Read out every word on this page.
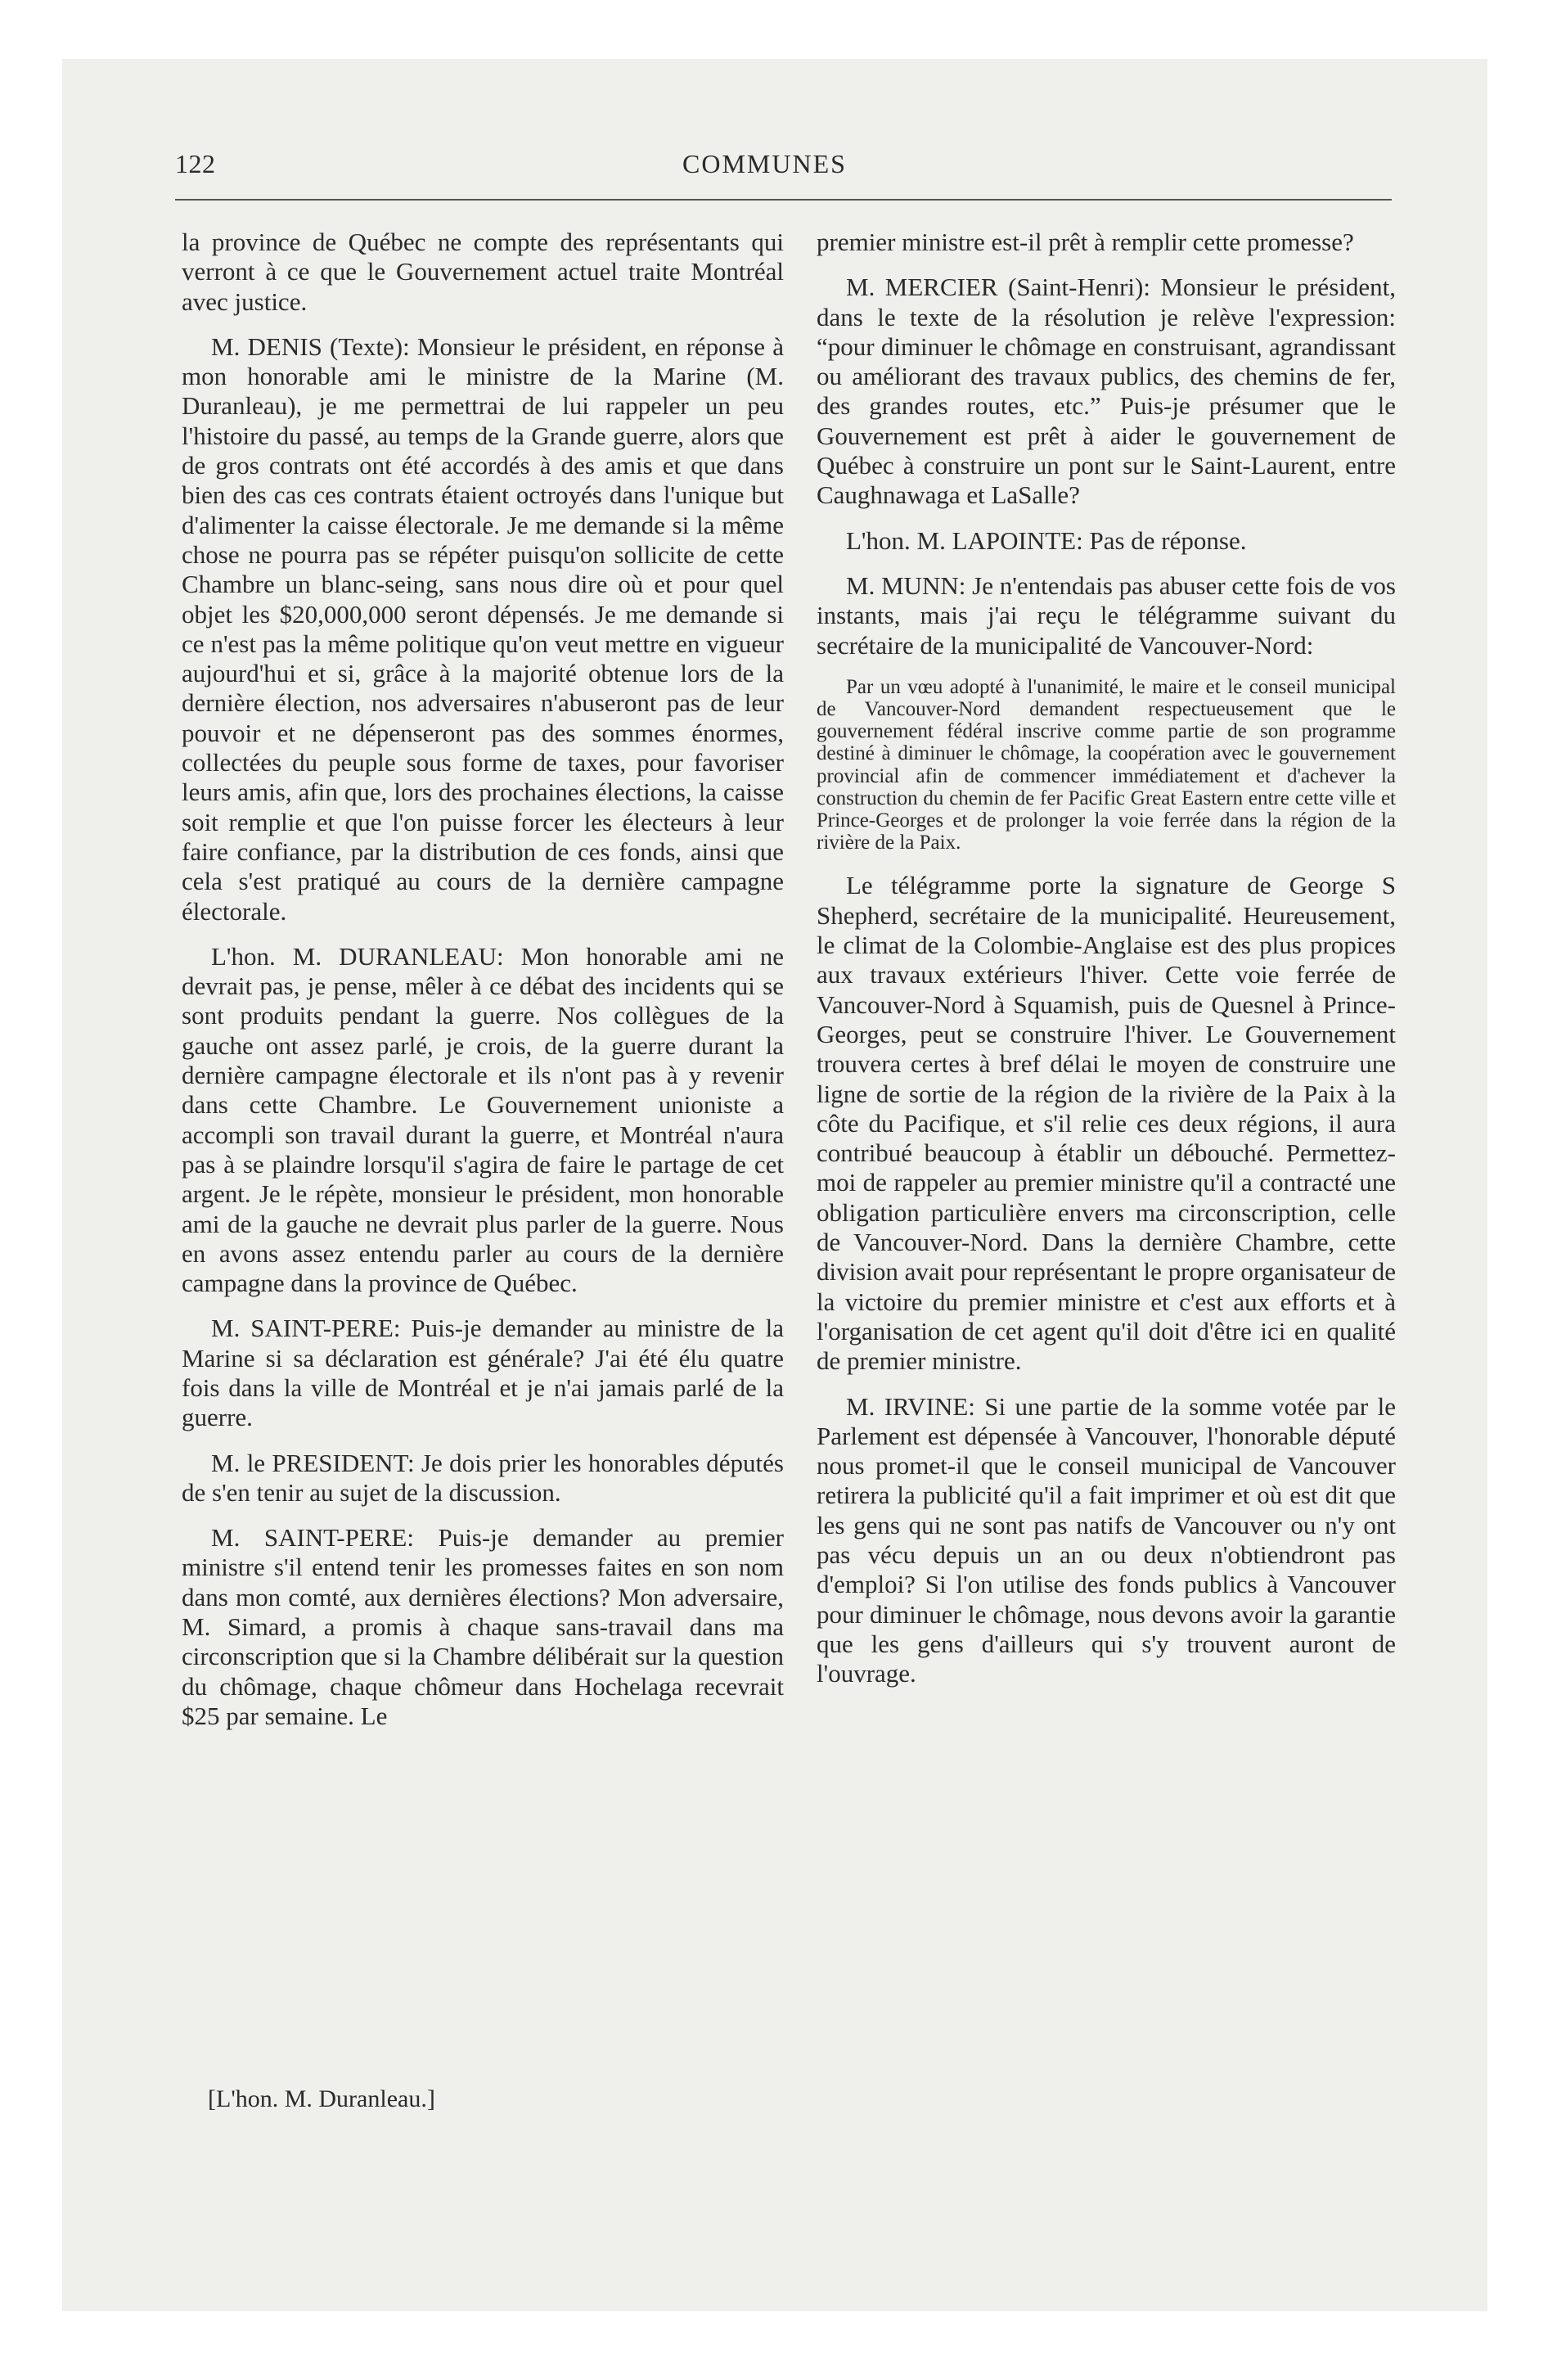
122	COMMUNES

la province de Québec ne compte des représentants qui verront à ce que le Gouvernement actuel traite Montréal avec justice.

M. DENIS (Texte): Monsieur le président, en réponse à mon honorable ami le ministre de la Marine (M. Duranleau), je me permettrai de lui rappeler un peu l'histoire du passé, au temps de la Grande guerre, alors que de gros contrats ont été accordés à des amis et que dans bien des cas ces contrats étaient octroyés dans l'unique but d'alimenter la caisse électorale. Je me demande si la même chose ne pourra pas se répéter puisqu'on sollicite de cette Chambre un blanc-seing, sans nous dire où et pour quel objet les $20,000,000 seront dépensés. Je me demande si ce n'est pas la même politique qu'on veut mettre en vigueur aujourd'hui et si, grâce à la majorité obtenue lors de la dernière élection, nos adversaires n'abuseront pas de leur pouvoir et ne dépenseront pas des sommes énormes, collectées du peuple sous forme de taxes, pour favoriser leurs amis, afin que, lors des prochaines élections, la caisse soit remplie et que l'on puisse forcer les électeurs à leur faire confiance, par la distribution de ces fonds, ainsi que cela s'est pratiqué au cours de la dernière campagne électorale.

L'hon. M. DURANLEAU: Mon honorable ami ne devrait pas, je pense, mêler à ce débat des incidents qui se sont produits pendant la guerre. Nos collègues de la gauche ont assez parlé, je crois, de la guerre durant la dernière campagne électorale et ils n'ont pas à y revenir dans cette Chambre. Le Gouvernement unioniste a accompli son travail durant la guerre, et Montréal n'aura pas à se plaindre lorsqu'il s'agira de faire le partage de cet argent. Je le répète, monsieur le président, mon honorable ami de la gauche ne devrait plus parler de la guerre. Nous en avons assez entendu parler au cours de la dernière campagne dans la province de Québec.

M. SAINT-PERE: Puis-je demander au ministre de la Marine si sa déclaration est générale? J'ai été élu quatre fois dans la ville de Montréal et je n'ai jamais parlé de la guerre.

M. le PRESIDENT: Je dois prier les honorables députés de s'en tenir au sujet de la discussion.

M. SAINT-PERE: Puis-je demander au premier ministre s'il entend tenir les promesses faites en son nom dans mon comté, aux dernières élections? Mon adversaire, M. Simard, a promis à chaque sans-travail dans ma circonscription que si la Chambre délibérait sur la question du chômage, chaque chômeur dans Hochelaga recevrait $25 par semaine. Le

[L'hon. M. Duranleau.]

premier ministre est-il prêt à remplir cette promesse?

M. MERCIER (Saint-Henri): Monsieur le président, dans le texte de la résolution je relève l'expression: “pour diminuer le chômage en construisant, agrandissant ou améliorant des travaux publics, des chemins de fer, des grandes routes, etc.” Puis-je présumer que le Gouvernement est prêt à aider le gouvernement de Québec à construire un pont sur le Saint-Laurent, entre Caughnawaga et LaSalle?

L'hon. M. LAPOINTE: Pas de réponse.

M. MUNN: Je n'entendais pas abuser cette fois de vos instants, mais j'ai reçu le télégramme suivant du secrétaire de la municipalité de Vancouver-Nord:

Par un vœu adopté à l'unanimité, le maire et le conseil municipal de Vancouver-Nord demandent respectueusement que le gouvernement fédéral inscrive comme partie de son programme destiné à diminuer le chômage, la coopération avec le gouvernement provincial afin de commencer immédiatement et d'achever la construction du chemin de fer Pacific Great Eastern entre cette ville et Prince-Georges et de prolonger la voie ferrée dans la région de la rivière de la Paix.

Le télégramme porte la signature de George S Shepherd, secrétaire de la municipalité. Heureusement, le climat de la Colombie-Anglaise est des plus propices aux travaux extérieurs l'hiver. Cette voie ferrée de Vancouver-Nord à Squamish, puis de Quesnel à Prince-Georges, peut se construire l'hiver. Le Gouvernement trouvera certes à bref délai le moyen de construire une ligne de sortie de la région de la rivière de la Paix à la côte du Pacifique, et s'il relie ces deux régions, il aura contribué beaucoup à établir un débouché. Permettez-moi de rappeler au premier ministre qu'il a contracté une obligation particulière envers ma circonscription, celle de Vancouver-Nord. Dans la dernière Chambre, cette division avait pour représentant le propre organisateur de la victoire du premier ministre et c'est aux efforts et à l'organisation de cet agent qu'il doit d'être ici en qualité de premier ministre.

M. IRVINE: Si une partie de la somme votée par le Parlement est dépensée à Vancouver, l'honorable député nous promet-il que le conseil municipal de Vancouver retirera la publicité qu'il a fait imprimer et où est dit que les gens qui ne sont pas natifs de Vancouver ou n'y ont pas vécu depuis un an ou deux n'obtiendront pas d'emploi? Si l'on utilise des fonds publics à Vancouver pour diminuer le chômage, nous devons avoir la garantie que les gens d'ailleurs qui s'y trouvent auront de l'ouvrage.
